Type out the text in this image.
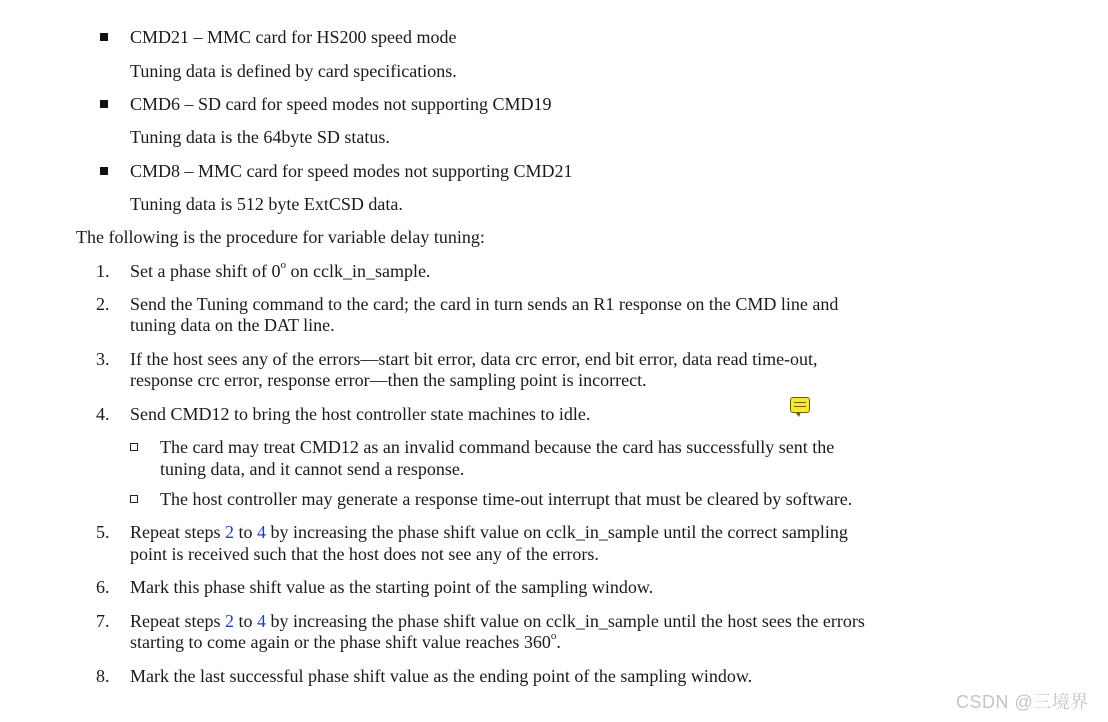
CMD21 – MMC card for HS200 speed mode
Tuning data is defined by card specifications.
CMD6 – SD card for speed modes not supporting CMD19
Tuning data is the 64byte SD status.
CMD8 – MMC card for speed modes not supporting CMD21
Tuning data is 512 byte ExtCSD data.
The following is the procedure for variable delay tuning:
1.	Set a phase shift of 0$^o$ on cclk_in_sample.
2.	Send the Tuning command to the card; the card in turn sends an R1 response on the CMD line and
tuning data on the DAT line.
3.	If the host sees any of the errors—start bit error, data crc error, end bit error, data read time-out,
response crc error, response error—then the sampling point is incorrect.
4.	Send CMD12 to bring the host controller state machines to idle.
The card may treat CMD12 as an invalid command because the card has successfully sent the
tuning data, and it cannot send a response.
The host controller may generate a response time-out interrupt that must be cleared by software.
5.	Repeat steps 2 to 4 by increasing the phase shift value on cclk_in_sample until the correct sampling
point is received such that the host does not see any of the errors.
6.	Mark this phase shift value as the starting point of the sampling window.
7.	Repeat steps 2 to 4 by increasing the phase shift value on cclk_in_sample until the host sees the errors
starting to come again or the phase shift value reaches 360$^o$.
8.	Mark the last successful phase shift value as the ending point of the sampling window.
CSDN @三境界
